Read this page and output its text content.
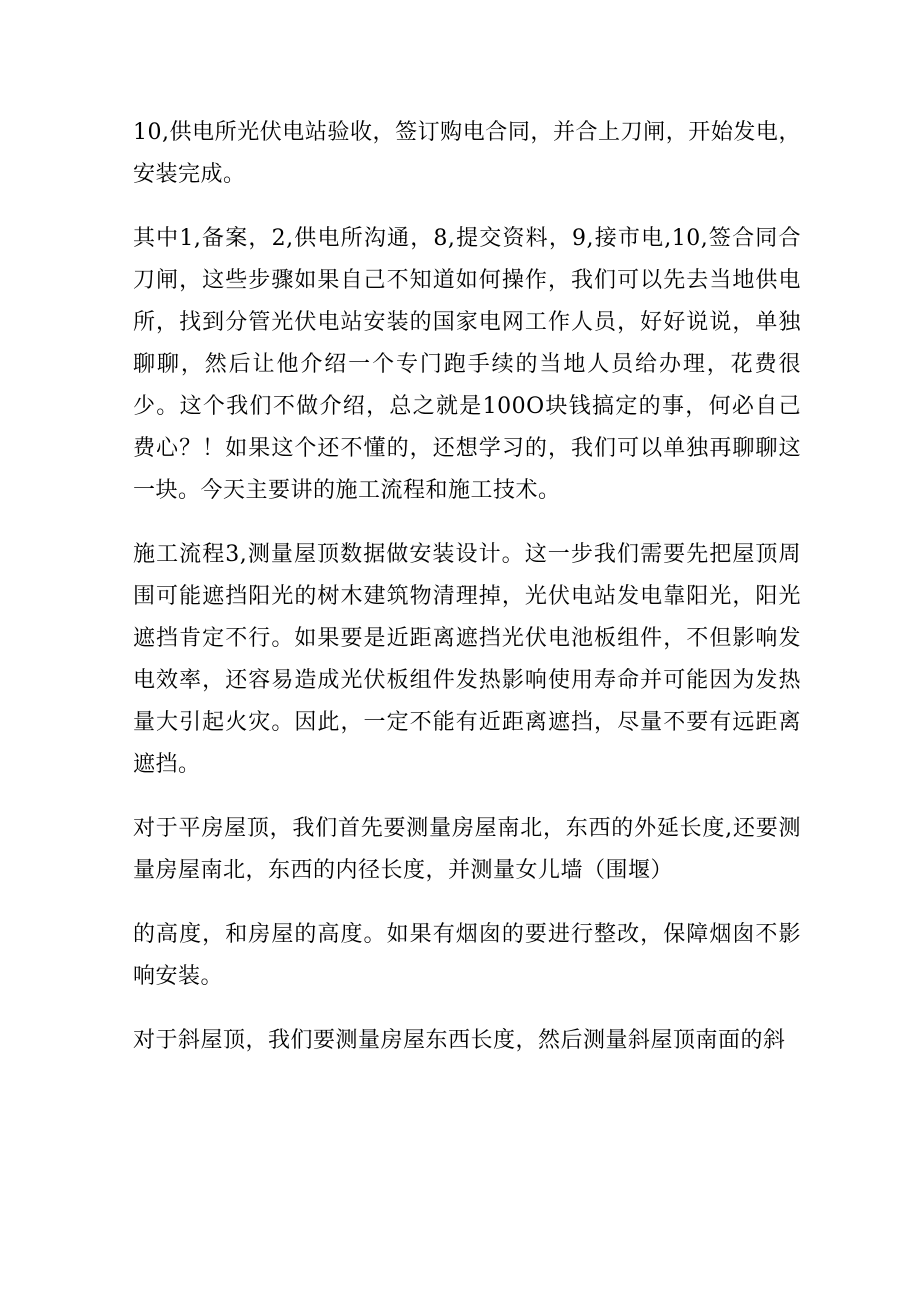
10,供电所光伏电站验收，签订购电合同，并合上刀闸，开始发电，安装完成。

其中1,备案，2,供电所沟通，8,提交资料，9,接市电,10,签合同合刀闸，这些步骤如果自己不知道如何操作，我们可以先去当地供电所，找到分管光伏电站安装的国家电网工作人员，好好说说，单独聊聊，然后让他介绍一个专门跑手续的当地人员给办理，花费很少。这个我们不做介绍，总之就是100O块钱搞定的事，何必自己费心？！如果这个还不懂的，还想学习的，我们可以单独再聊聊这一块。今天主要讲的施工流程和施工技术。

施工流程3,测量屋顶数据做安装设计。这一步我们需要先把屋顶周围可能遮挡阳光的树木建筑物清理掉，光伏电站发电靠阳光，阳光遮挡肯定不行。如果要是近距离遮挡光伏电池板组件，不但影响发电效率，还容易造成光伏板组件发热影响使用寿命并可能因为发热量大引起火灾。因此，一定不能有近距离遮挡，尽量不要有远距离遮挡。

对于平房屋顶，我们首先要测量房屋南北，东西的外延长度,还要测量房屋南北，东西的内径长度，并测量女儿墙（围堰）

的高度，和房屋的高度。如果有烟囱的要进行整改，保障烟囱不影响安装。

对于斜屋顶，我们要测量房屋东西长度，然后测量斜屋顶南面的斜
